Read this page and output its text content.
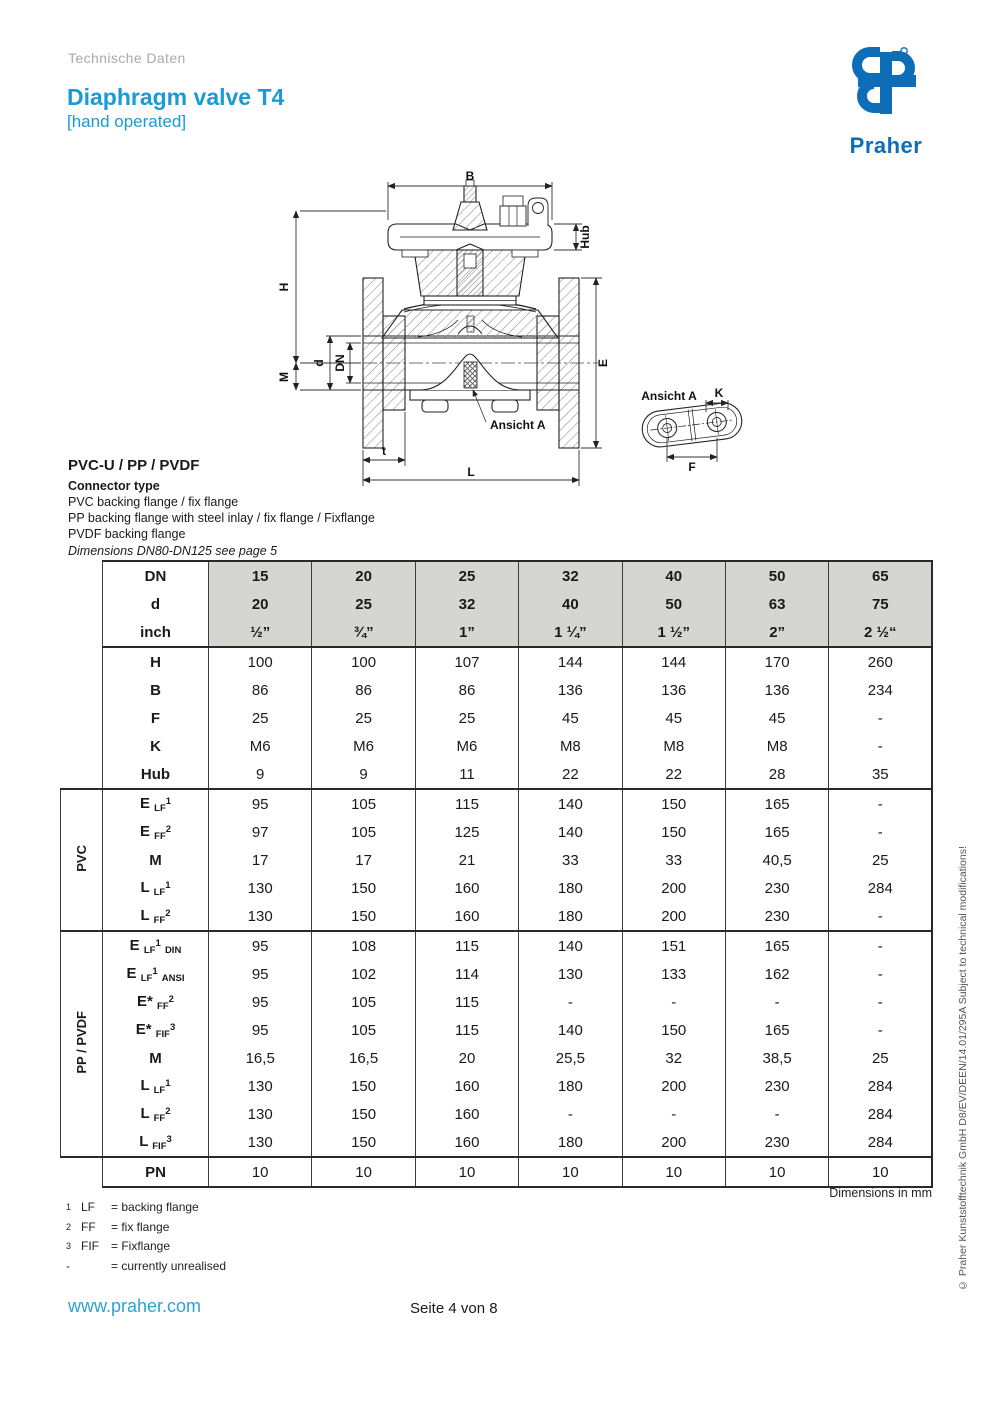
Technische Daten
Diaphragm valve T4
[hand operated]
Praher
B
Hub
H
M
d DN	E
t
L
Ansicht A
Ansicht A K
F
PVC-U / PP / PVDF
Connector type
PVC backing flange / fix flange
PP backing flange with steel inlay / fix flange / Fixflange
PVDF backing flange
Dimensions DN80-DN125 see page 5
	DN	15	20	25	32	40	50	65
	d	20	25	32	40	50	63	75
	inch	½”	¾”	1”	1 ¼”	1 ½”	2”	2 ½“
	H	100	100	107	144	144	170	260
	B	86	86	86	136	136	136	234
	F	25	25	25	45	45	45	-
	K	M6	M6	M6	M8	M8	M8	-
	Hub	9	9	11	22	22	28	35
PVC	E $_{LF}^1$	95	105	115	140	150	165	-
	E $_{FF}^2$	97	105	125	140	150	165	-
	M	17	17	21	33	33	40,5	25
	L $_{LF}^1$	130	150	160	180	200	230	284
	L $_{FF}^2$	130	150	160	180	200	230	-
PP / PVDF	E $_{LF}^1$ $_{DIN}$	95	108	115	140	151	165	-
	E $_{LF}^1$ $_{ANSI}$	95	102	114	130	133	162	-
	E* $_{FF}^2$	95	105	115	-	-	-	-
	E* $_{FIF}^3$	95	105	115	140	150	165	-
	M	16,5	16,5	20	25,5	32	38,5	25
	L $_{LF}^1$	130	150	160	180	200	230	284
	L $_{FF}^2$	130	150	160	-	-	-	284
	L $_{FIF}^3$	130	150	160	180	200	230	284
	PN	10	10	10	10	10	10	10
Dimensions in mm
$^1$ LF	= backing flange
$^2$ FF	= fix flange
$^3$ FIF	= Fixflange
-	= currently unrealised	© Praher Kunststofftechnik GmbH D8/EV/DEEN/14.01/295A Subject to technical modifications!
www.praher.com	Seite 4 von 8
